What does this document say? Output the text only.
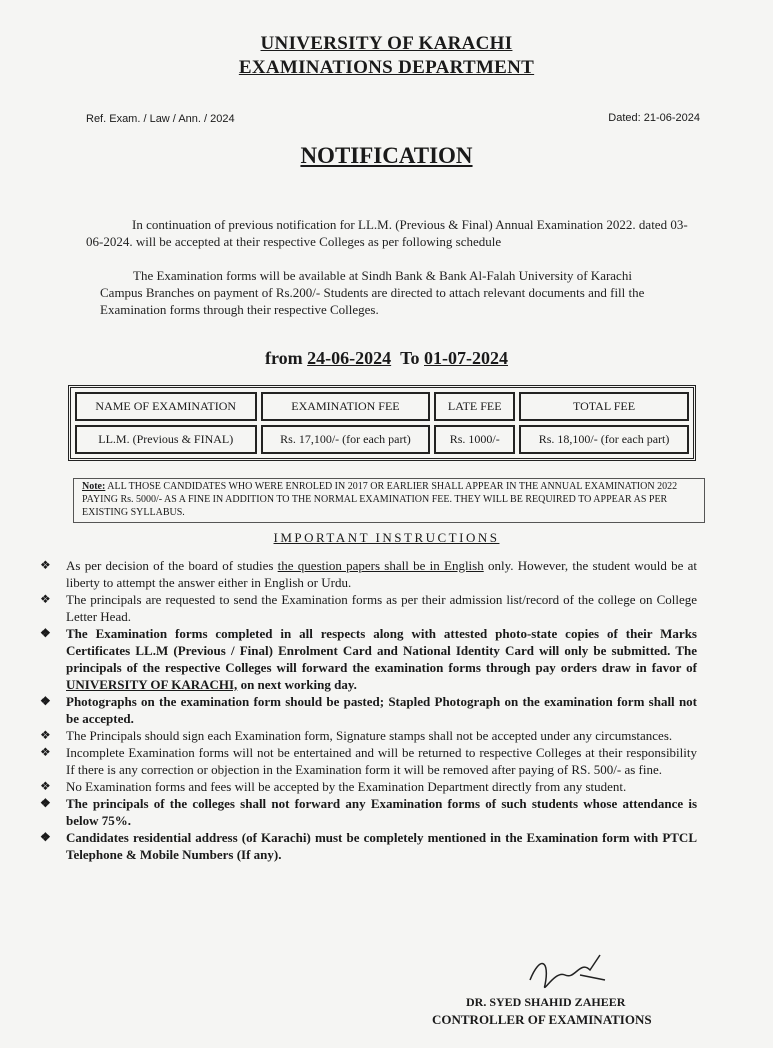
UNIVERSITY OF KARACHI
EXAMINATIONS DEPARTMENT
Ref. Exam. / Law / Ann. / 2024	Dated: 21-06-2024
NOTIFICATION
In continuation of previous notification for LL.M. (Previous & Final) Annual Examination 2022. dated 03-06-2024. will be accepted at their respective Colleges as per following schedule
The Examination forms will be available at Sindh Bank & Bank Al-Falah University of Karachi Campus Branches on payment of Rs.200/- Students are directed to attach relevant documents and fill the Examination forms through their respective Colleges.
from 24-06-2024 To 01-07-2024
NAME OF EXAMINATION	EXAMINATION FEE	LATE FEE	TOTAL FEE
LL.M. (Previous & FINAL)	Rs. 17,100/- (for each part)	Rs. 1000/-	Rs. 18,100/- (for each part)
Note: ALL THOSE CANDIDATES WHO WERE ENROLED IN 2017 OR EARLIER SHALL APPEAR IN THE ANNUAL EXAMINATION 2022 PAYING Rs. 5000/- AS A FINE IN ADDITION TO THE NORMAL EXAMINATION FEE. THEY WILL BE REQUIRED TO APPEAR AS PER EXISTING SYLLABUS.
IMPORTANT INSTRUCTIONS
❖ As per decision of the board of studies the question papers shall be in English only. However, the student would be at liberty to attempt the answer either in English or Urdu.
❖ The principals are requested to send the Examination forms as per their admission list/record of the college on College Letter Head.
❖ The Examination forms completed in all respects along with attested photo-state copies of their Marks Certificates LL.M (Previous / Final) Enrolment Card and National Identity Card will only be submitted. The principals of the respective Colleges will forward the examination forms through pay orders draw in favor of UNIVERSITY OF KARACHI, on next working day.
❖ Photographs on the examination form should be pasted; Stapled Photograph on the examination form shall not be accepted.
❖ The Principals should sign each Examination form, Signature stamps shall not be accepted under any circumstances.
❖ Incomplete Examination forms will not be entertained and will be returned to respective Colleges at their responsibility If there is any correction or objection in the Examination form it will be removed after paying of RS. 500/- as fine.
❖ No Examination forms and fees will be accepted by the Examination Department directly from any student.
❖ The principals of the colleges shall not forward any Examination forms of such students whose attendance is below 75%.
❖ Candidates residential address (of Karachi) must be completely mentioned in the Examination form with PTCL Telephone & Mobile Numbers (If any).
DR. SYED SHAHID ZAHEER
CONTROLLER OF EXAMINATIONS
